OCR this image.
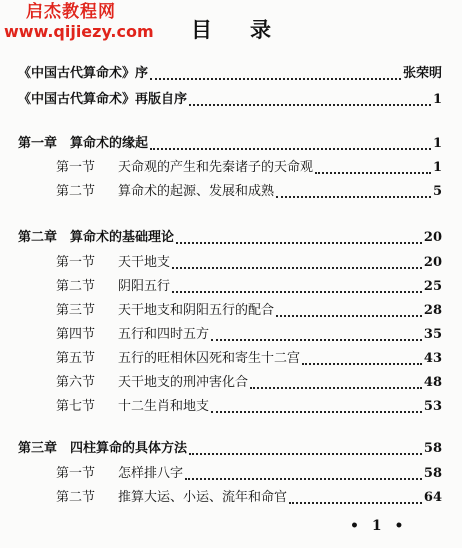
启杰教程网
www.qijiezy.com	目录
《中国古代算命术》序	张荣明
《中国古代算命术》再版自序	1
第一章　算命术的缘起	1
第一节	天命观的产生和先秦诸子的天命观	1
第二节	算命术的起源、发展和成熟	5
第二章　算命术的基础理论	20
第一节	天干地支	20
第二节	阴阳五行	25
第三节	天干地支和阴阳五行的配合	28
第四节	五行和四时五方	35
第五节	五行的旺相休囚死和寄生十二宫	43
第六节	天干地支的刑冲害化合	48
第七节	十二生肖和地支	53
第三章　四柱算命的具体方法	58
第一节	怎样排八字	58
第二节	推算大运、小运、流年和命官	64
• 1 •
